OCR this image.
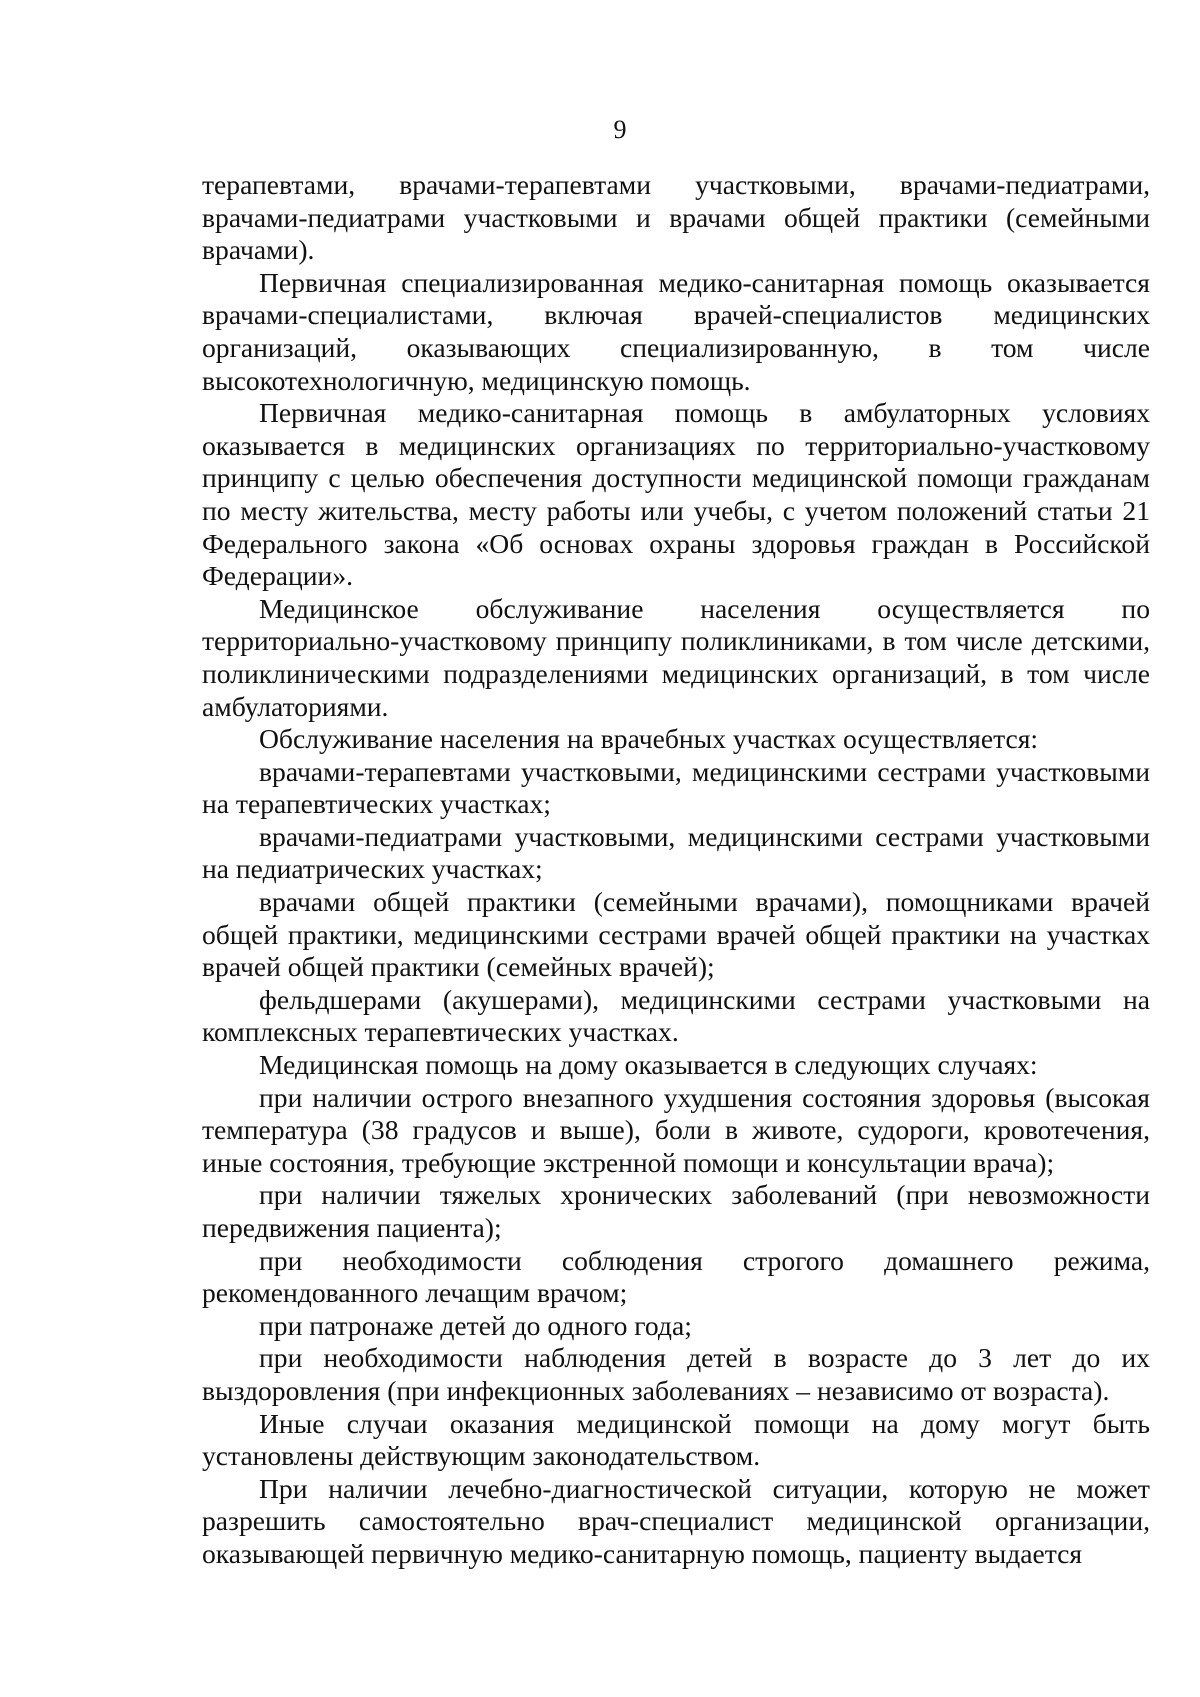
9

терапевтами, врачами-терапевтами участковыми, врачами-педиатрами, врачами-педиатрами участковыми и врачами общей практики (семейными врачами).

Первичная специализированная медико-санитарная помощь оказывается врачами-специалистами, включая врачей-специалистов медицинских организаций, оказывающих специализированную, в том числе высокотехнологичную, медицинскую помощь.

Первичная медико-санитарная помощь в амбулаторных условиях оказывается в медицинских организациях по территориально-участковому принципу с целью обеспечения доступности медицинской помощи гражданам по месту жительства, месту работы или учебы, с учетом положений статьи 21 Федерального закона «Об основах охраны здоровья граждан в Российской Федерации».

Медицинское обслуживание населения осуществляется по территориально-участковому принципу поликлиниками, в том числе детскими, поликлиническими подразделениями медицинских организаций, в том числе амбулаториями.

Обслуживание населения на врачебных участках осуществляется:

врачами-терапевтами участковыми, медицинскими сестрами участковыми на терапевтических участках;

врачами-педиатрами участковыми, медицинскими сестрами участковыми на педиатрических участках;

врачами общей практики (семейными врачами), помощниками врачей общей практики, медицинскими сестрами врачей общей практики на участках врачей общей практики (семейных врачей);

фельдшерами (акушерами), медицинскими сестрами участковыми на комплексных терапевтических участках.

Медицинская помощь на дому оказывается в следующих случаях:

при наличии острого внезапного ухудшения состояния здоровья (высокая температура (38 градусов и выше), боли в животе, судороги, кровотечения, иные состояния, требующие экстренной помощи и консультации врача);

при наличии тяжелых хронических заболеваний (при невозможности передвижения пациента);

при необходимости соблюдения строгого домашнего режима, рекомендованного лечащим врачом;

при патронаже детей до одного года;

при необходимости наблюдения детей в возрасте до 3 лет до их выздоровления (при инфекционных заболеваниях – независимо от возраста).

Иные случаи оказания медицинской помощи на дому могут быть установлены действующим законодательством.

При наличии лечебно-диагностической ситуации, которую не может разрешить самостоятельно врач-специалист медицинской организации, оказывающей первичную медико-санитарную помощь, пациенту выдается
